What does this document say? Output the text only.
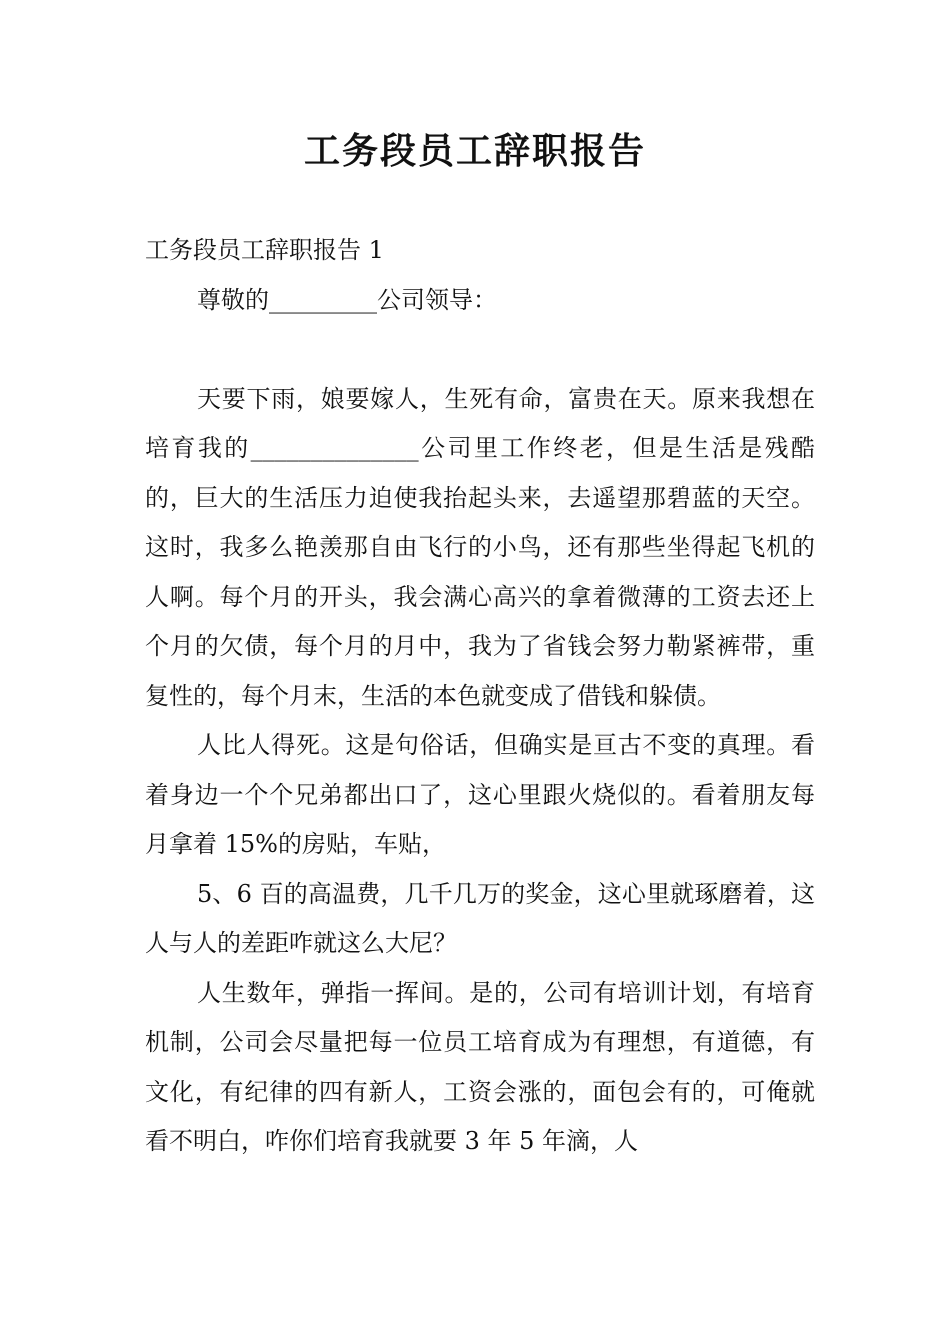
工务段员工辞职报告

工务段员工辞职报告 1

尊敬的_________公司领导：

天要下雨，娘要嫁人，生死有命，富贵在天。原来我想在培育我的______________公司里工作终老，但是生活是残酷的，巨大的生活压力迫使我抬起头来，去遥望那碧蓝的天空。这时，我多么艳羡那自由飞行的小鸟，还有那些坐得起飞机的人啊。每个月的开头，我会满心高兴的拿着微薄的工资去还上个月的欠债，每个月的月中，我为了省钱会努力勒紧裤带，重复性的，每个月末，生活的本色就变成了借钱和躲债。

人比人得死。这是句俗话，但确实是亘古不变的真理。看着身边一个个兄弟都出口了，这心里跟火烧似的。看着朋友每月拿着 15%的房贴，车贴，

5、6 百的高温费，几千几万的奖金，这心里就琢磨着，这人与人的差距咋就这么大尼？

人生数年，弹指一挥间。是的，公司有培训计划，有培育机制，公司会尽量把每一位员工培育成为有理想，有道德，有文化，有纪律的四有新人，工资会涨的，面包会有的，可俺就看不明白，咋你们培育我就要 3 年 5 年滴，人
